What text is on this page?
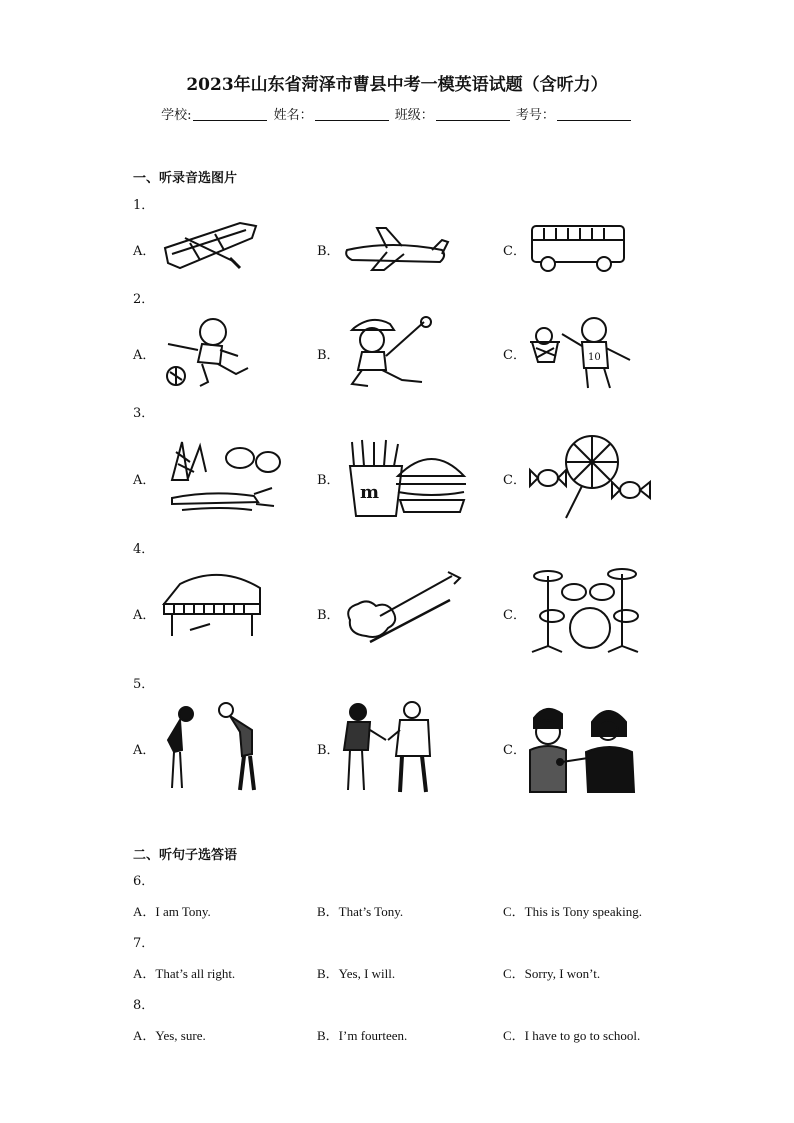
2023年山东省菏泽市曹县中考一模英语试题（含听力）
学校:	姓名：	班级：	考号：
一、听录音选图片
1．
A．	B．	C．
2．
A．	B．	C．	10
3．
A．	B．
m
C．
4．
A．	B．	C．
5．
A．	B．	C．
二、听句子选答语
6．
A．I am Tony.	B．That’s Tony.	C．This is Tony speaking.
7．
A．That’s all right.	B．Yes, I will.	C．Sorry, I won’t.
8．
A．Yes, sure.	B．I’m fourteen.	C．I have to go to school.
